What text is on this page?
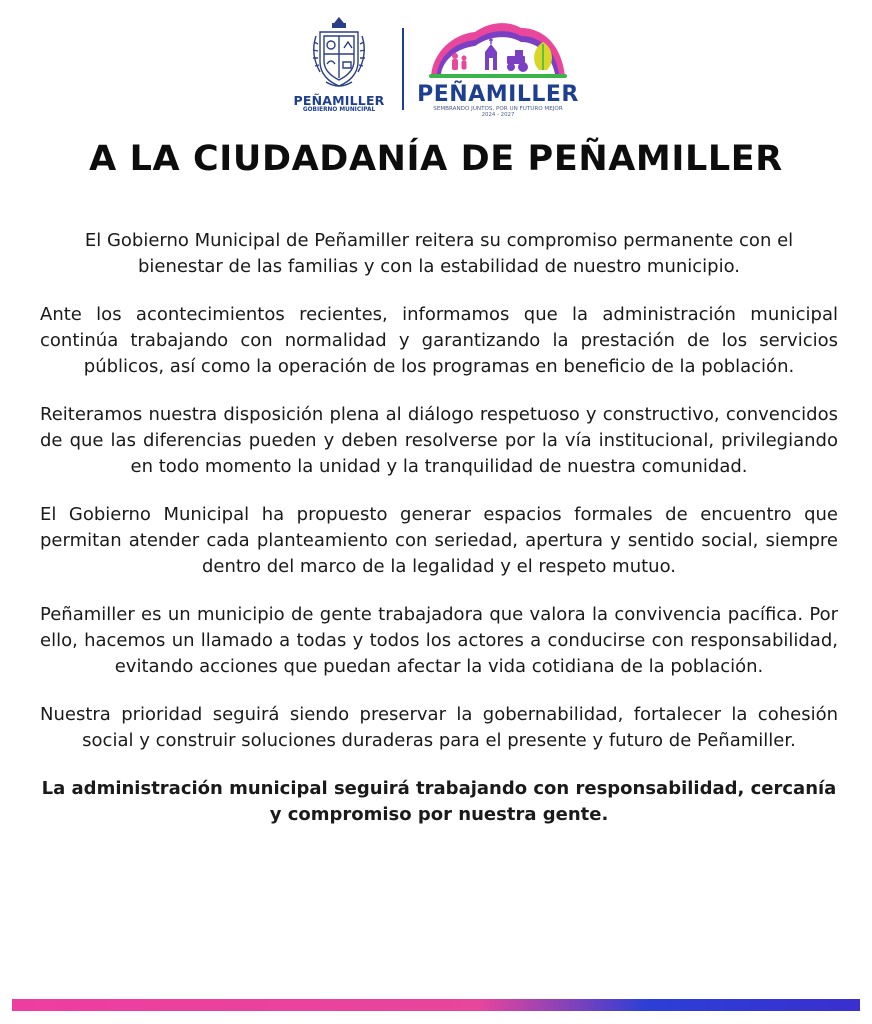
PEÑAMILLER
GOBIERNO MUNICIPAL
PEÑAMILLER
SEMBRANDO JUNTOS, POR UN FUTURO MEJOR
2024 - 2027
A LA CIUDADANÍA DE PEÑAMILLER

El Gobierno Municipal de Peñamiller reitera su compromiso permanente con el bienestar de las familias y con la estabilidad de nuestro municipio.

Ante los acontecimientos recientes, informamos que la administración municipal continúa trabajando con normalidad y garantizando la prestación de los servicios públicos, así como la operación de los programas en beneficio de la población.

Reiteramos nuestra disposición plena al diálogo respetuoso y constructivo, convencidos de que las diferencias pueden y deben resolverse por la vía institucional, privilegiando en todo momento la unidad y la tranquilidad de nuestra comunidad.

El Gobierno Municipal ha propuesto generar espacios formales de encuentro que permitan atender cada planteamiento con seriedad, apertura y sentido social, siempre dentro del marco de la legalidad y el respeto mutuo.

Peñamiller es un municipio de gente trabajadora que valora la convivencia pacífica. Por ello, hacemos un llamado a todas y todos los actores a conducirse con responsabilidad, evitando acciones que puedan afectar la vida cotidiana de la población.

Nuestra prioridad seguirá siendo preservar la gobernabilidad, fortalecer la cohesión social y construir soluciones duraderas para el presente y futuro de Peñamiller.

La administración municipal seguirá trabajando con responsabilidad, cercanía y compromiso por nuestra gente.
